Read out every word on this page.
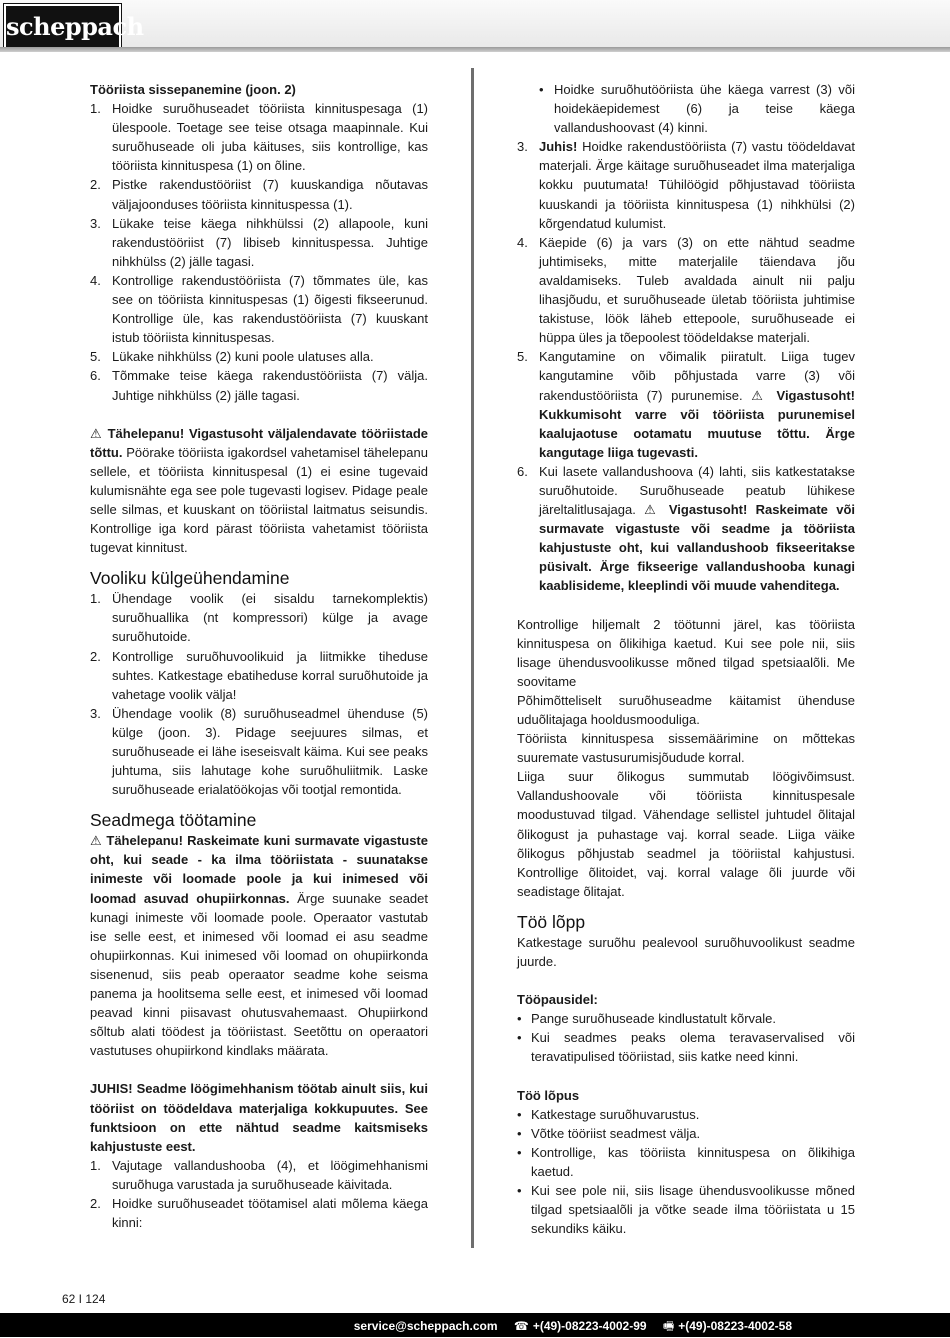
scheppach

Tööriista sissepanemine (joon. 2)

1. Hoidke suruõhuseadet tööriista kinnituspesaga (1) ülespoole. Toetage see teise otsaga maapinnale. Kui suruõhuseade oli juba käituses, siis kontrollige, kas tööriista kinnituspesa (1) on õline.
2. Pistke rakendustööriist (7) kuuskandiga nõutavas väljajoonduses tööriista kinnituspessa (1).
3. Lükake teise käega nihkhülssi (2) allapoole, kuni rakendustööriist (7) libiseb kinnituspessa. Juhtige nihkhülss (2) jälle tagasi.
4. Kontrollige rakendustööriista (7) tõmmates üle, kas see on tööriista kinnituspesas (1) õigesti fikseerunud. Kontrollige üle, kas rakendustööriista (7) kuuskant istub tööriista kinnituspesas.
5. Lükake nihkhülss (2) kuni poole ulatuses alla.
6. Tõmmake teise käega rakendustööriista (7) välja. Juhtige nihkhülss (2) jälle tagasi.

⚠ Tähelepanu! Vigastusoht väljalendavate tööriistade tõttu. Pöörake tööriista igakordsel vahetamisel tähelepanu sellele, et tööriista kinnituspesal (1) ei esine tugevaid kulumisnähte ega see pole tugevasti logisev. Pidage peale selle silmas, et kuuskant on tööriistal laitmatus seisundis. Kontrollige iga kord pärast tööriista vahetamist tööriista tugevat kinnitust.

Vooliku külgeühendamine
1. Ühendage voolik (ei sisaldu tarnekomplektis) suruõhuallika (nt kompressori) külge ja avage suruõhutoide.
2. Kontrollige suruõhuvoolikuid ja liitmikke tiheduse suhtes. Katkestage ebatiheduse korral suruõhutoide ja vahetage voolik välja!
3. Ühendage voolik (8) suruõhuseadmel ühenduse (5) külge (joon. 3). Pidage seejuures silmas, et suruõhuseade ei lähe iseseisvalt käima. Kui see peaks juhtuma, siis lahutage kohe suruõhuliitmik. Laske suruõhuseade erialatöökojas või tootjal remontida.
Seadmega töötamine

⚠ Tähelepanu! Raskeimate kuni surmavate vigastuste oht, kui seade - ka ilma tööriistata - suunatakse inimeste või loomade poole ja kui inimesed või loomad asuvad ohupiirkonnas. Ärge suunake seadet kunagi inimeste või loomade poole. Operaator vastutab ise selle eest, et inimesed või loomad ei asu seadme ohupiirkonnas. Kui inimesed või loomad on ohupiirkonda sisenenud, siis peab operaator seadme kohe seisma panema ja hoolitsema selle eest, et inimesed või loomad peavad kinni piisavast ohutusvahemaast. Ohupiirkond sõltub alati töödest ja tööriistast. Seetõttu on operaatori vastutuses ohupiirkond kindlaks määrata.

JUHIS! Seadme löögimehhanism töötab ainult siis, kui tööriist on töödeldava materjaliga kokkupuutes. See funktsioon on ette nähtud seadme kaitsmiseks kahjustuste eest.

1. Vajutage vallandushooba (4), et löögimehhanismi suruõhuga varustada ja suruõhuseade käivitada.
2. Hoidke suruõhuseadet töötamisel alati mõlema käega kinni:
• Hoidke suruõhutööriista ühe käega varrest (3) või hoidekäepidemest (6) ja teise käega vallandushoovast (4) kinni.
3. Juhis! Hoidke rakendustööriista (7) vastu töödeldavat materjali. Ärge käitage suruõhuseadet ilma materjaliga kokku puutumata! Tühilöögid põhjustavad tööriista kuuskandi ja tööriista kinnituspesa (1) nihkhülsi (2) kõrgendatud kulumist.
4. Käepide (6) ja vars (3) on ette nähtud seadme juhtimiseks, mitte materjalile täiendava jõu avaldamiseks. Tuleb avaldada ainult nii palju lihasjõudu, et suruõhuseade ületab tööriista juhtimise takistuse, löök läheb ettepoole, suruõhuseade ei hüppa üles ja tõepoolest töödeldakse materjali.
5. Kangutamine on võimalik piiratult. Liiga tugev kangutamine võib põhjustada varre (3) või rakendustööriista (7) purunemise. ⚠ Vigastusoht! Kukkumisoht varre või tööriista purunemisel kaalujaotuse ootamatu muutuse tõttu. Ärge kangutage liiga tugevasti.
6. Kui lasete vallandushoova (4) lahti, siis katkestatakse suruõhutoide. Suruõhuseade peatub lühikese järeltalitlusajaga. ⚠ Vigastusoht! Raskeimate või surmavate vigastuste või seadme ja tööriista kahjustuste oht, kui vallandushoob fikseeritakse püsivalt. Ärge fikseerige vallandushooba kunagi kaablisideme, kleeplindi või muude vahenditega.

Kontrollige hiljemalt 2 töötunni järel, kas tööriista kinnituspesa on õlikihiga kaetud. Kui see pole nii, siis lisage ühendusvoolikusse mõned tilgad spetsiaalõli. Me soovitame

Põhimõtteliselt suruõhuseadme käitamist ühenduse uduõlitajaga hooldusmooduliga.

Tööriista kinnituspesa sissemäärimine on mõttekas suuremate vastusurumisjõudude korral.

Liiga suur õlikogus summutab löögivõimsust. Vallandushoovale või tööriista kinnituspesale moodustuvad tilgad. Vähendage sellistel juhtudel õlitajal õlikogust ja puhastage vaj. korral seade. Liiga väike õlikogus põhjustab seadmel ja tööriistal kahjustusi. Kontrollige õlitoidet, vaj. korral valage õli juurde või seadistage õlitajat.

Töö lõpp

Katkestage suruõhu pealevool suruõhuvoolikust seadme juurde.

Tööpausidel:

• Pange suruõhuseade kindlustatult kõrvale.
• Kui seadmes peaks olema teravaservalised või teravatipulised tööriistad, siis katke need kinni.

Töö lõpus

• Katkestage suruõhuvarustus.
• Võtke tööriist seadmest välja.
• Kontrollige, kas tööriista kinnituspesa on õlikihiga kaetud.
• Kui see pole nii, siis lisage ühendusvoolikusse mõned tilgad spetsiaalõli ja võtke seade ilma tööriistata u 15 sekundiks käiku.
62 I 124
service@scheppach.com ☎ +(49)-08223-4002-99 🖷 +(49)-08223-4002-58
